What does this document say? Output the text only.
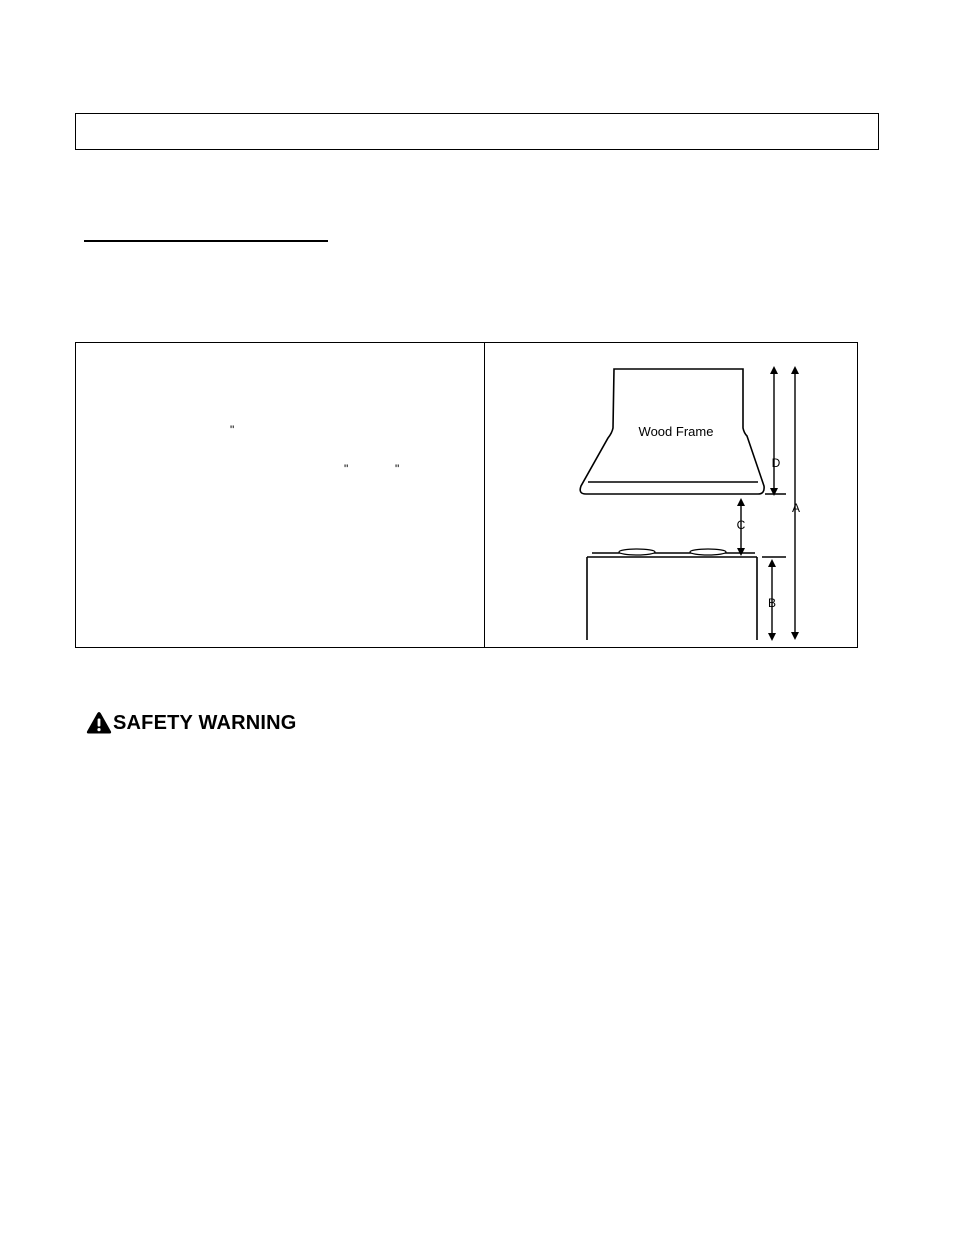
"
"	"
Wood Frame
D
A
C
B
SAFETY WARNING
